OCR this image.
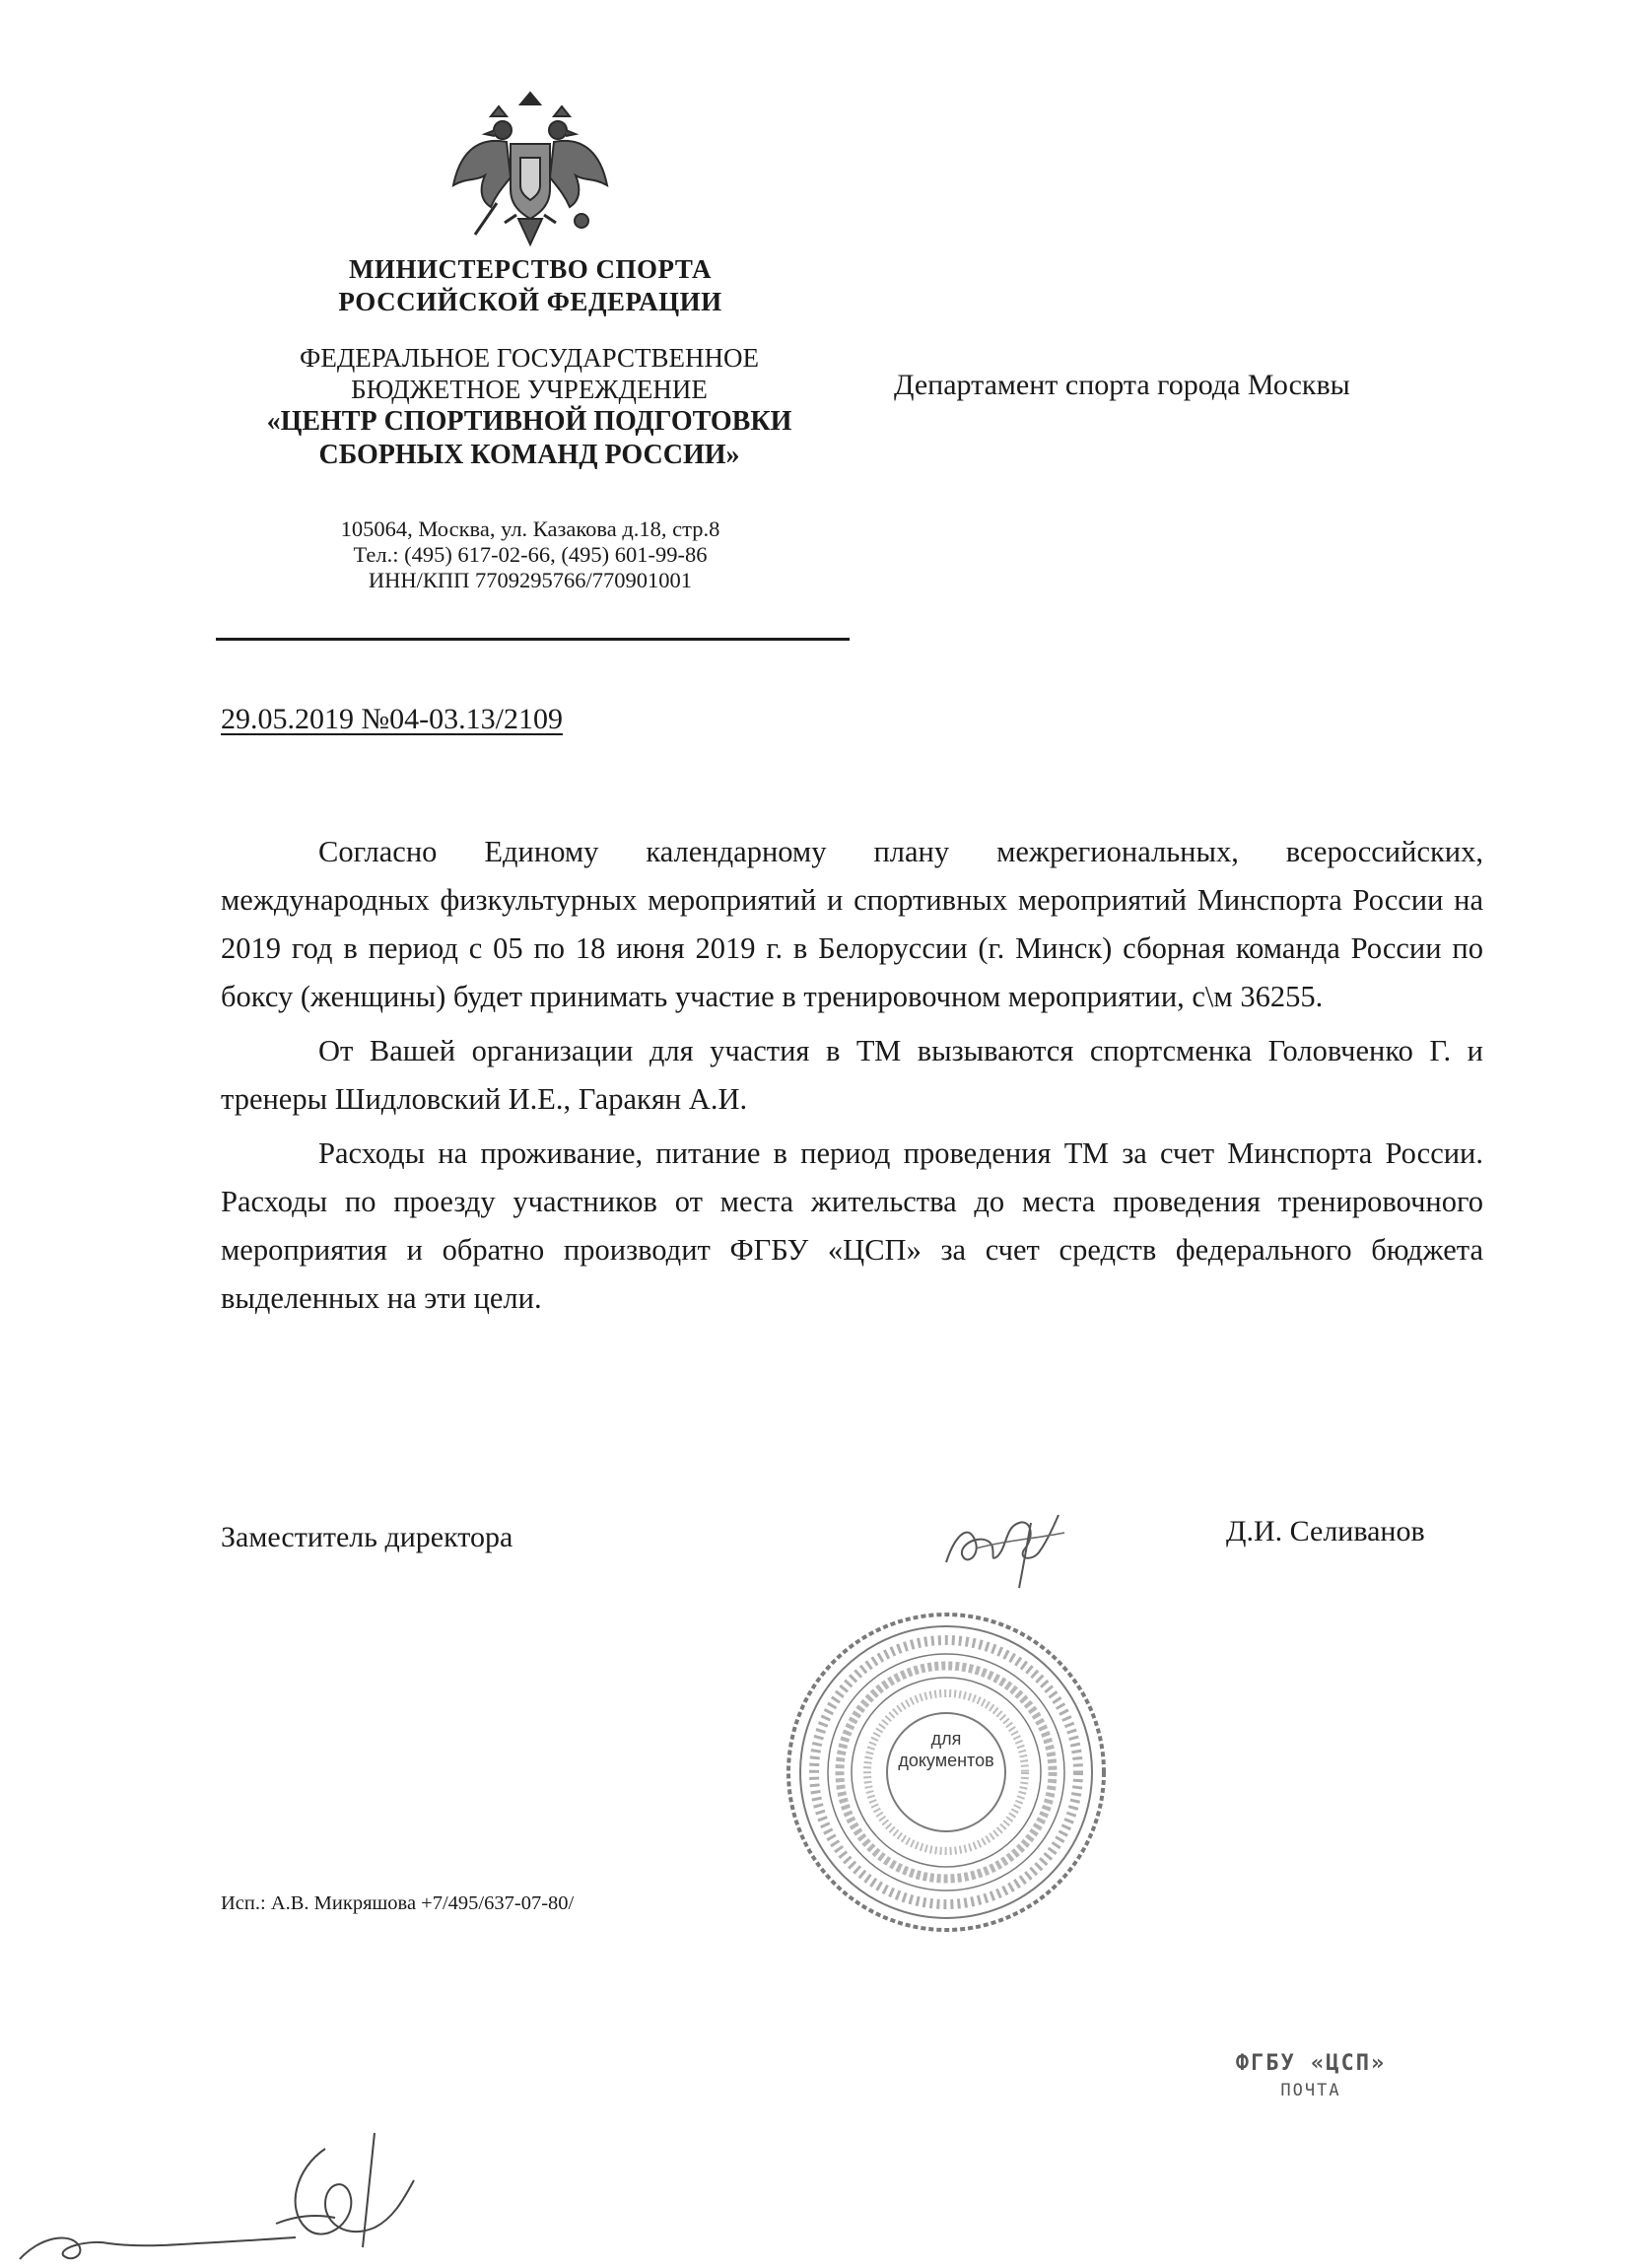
МИНИСТЕРСТВО СПОРТА
РОССИЙСКОЙ ФЕДЕРАЦИИ
ФЕДЕРАЛЬНОЕ ГОСУДАРСТВЕННОЕ
БЮДЖЕТНОЕ УЧРЕЖДЕНИЕ
«ЦЕНТР СПОРТИВНОЙ ПОДГОТОВКИ
СБОРНЫХ КОМАНД РОССИИ»
105064, Москва, ул. Казакова д.18, стр.8
Тел.: (495) 617-02-66, (495) 601-99-86
ИНН/КПП 7709295766/770901001
Департамент спорта города Москвы
29.05.2019 №04-03.13/2109

Согласно Единому календарному плану межрегиональных, всероссийских, международных физкультурных мероприятий и спортивных мероприятий Минспорта России на 2019 год в период с 05 по 18 июня 2019 г. в Белоруссии (г. Минск) сборная команда России по боксу (женщины) будет принимать участие в тренировочном мероприятии, с\м 36255.

От Вашей организации для участия в ТМ вызываются спортсменка Головченко Г. и тренеры Шидловский И.Е., Гаракян А.И.

Расходы на проживание, питание в период проведения ТМ за счет Минспорта России. Расходы по проезду участников от места жительства до места проведения тренировочного мероприятия и обратно производит ФГБУ «ЦСП» за счет средств федерального бюджета выделенных на эти цели.

Заместитель директора	Д.И. Селиванов
для
документов
Исп.: А.В. Микряшова +7/495/637-07-80/
ФГБУ «ЦСП»
ПОЧТА
